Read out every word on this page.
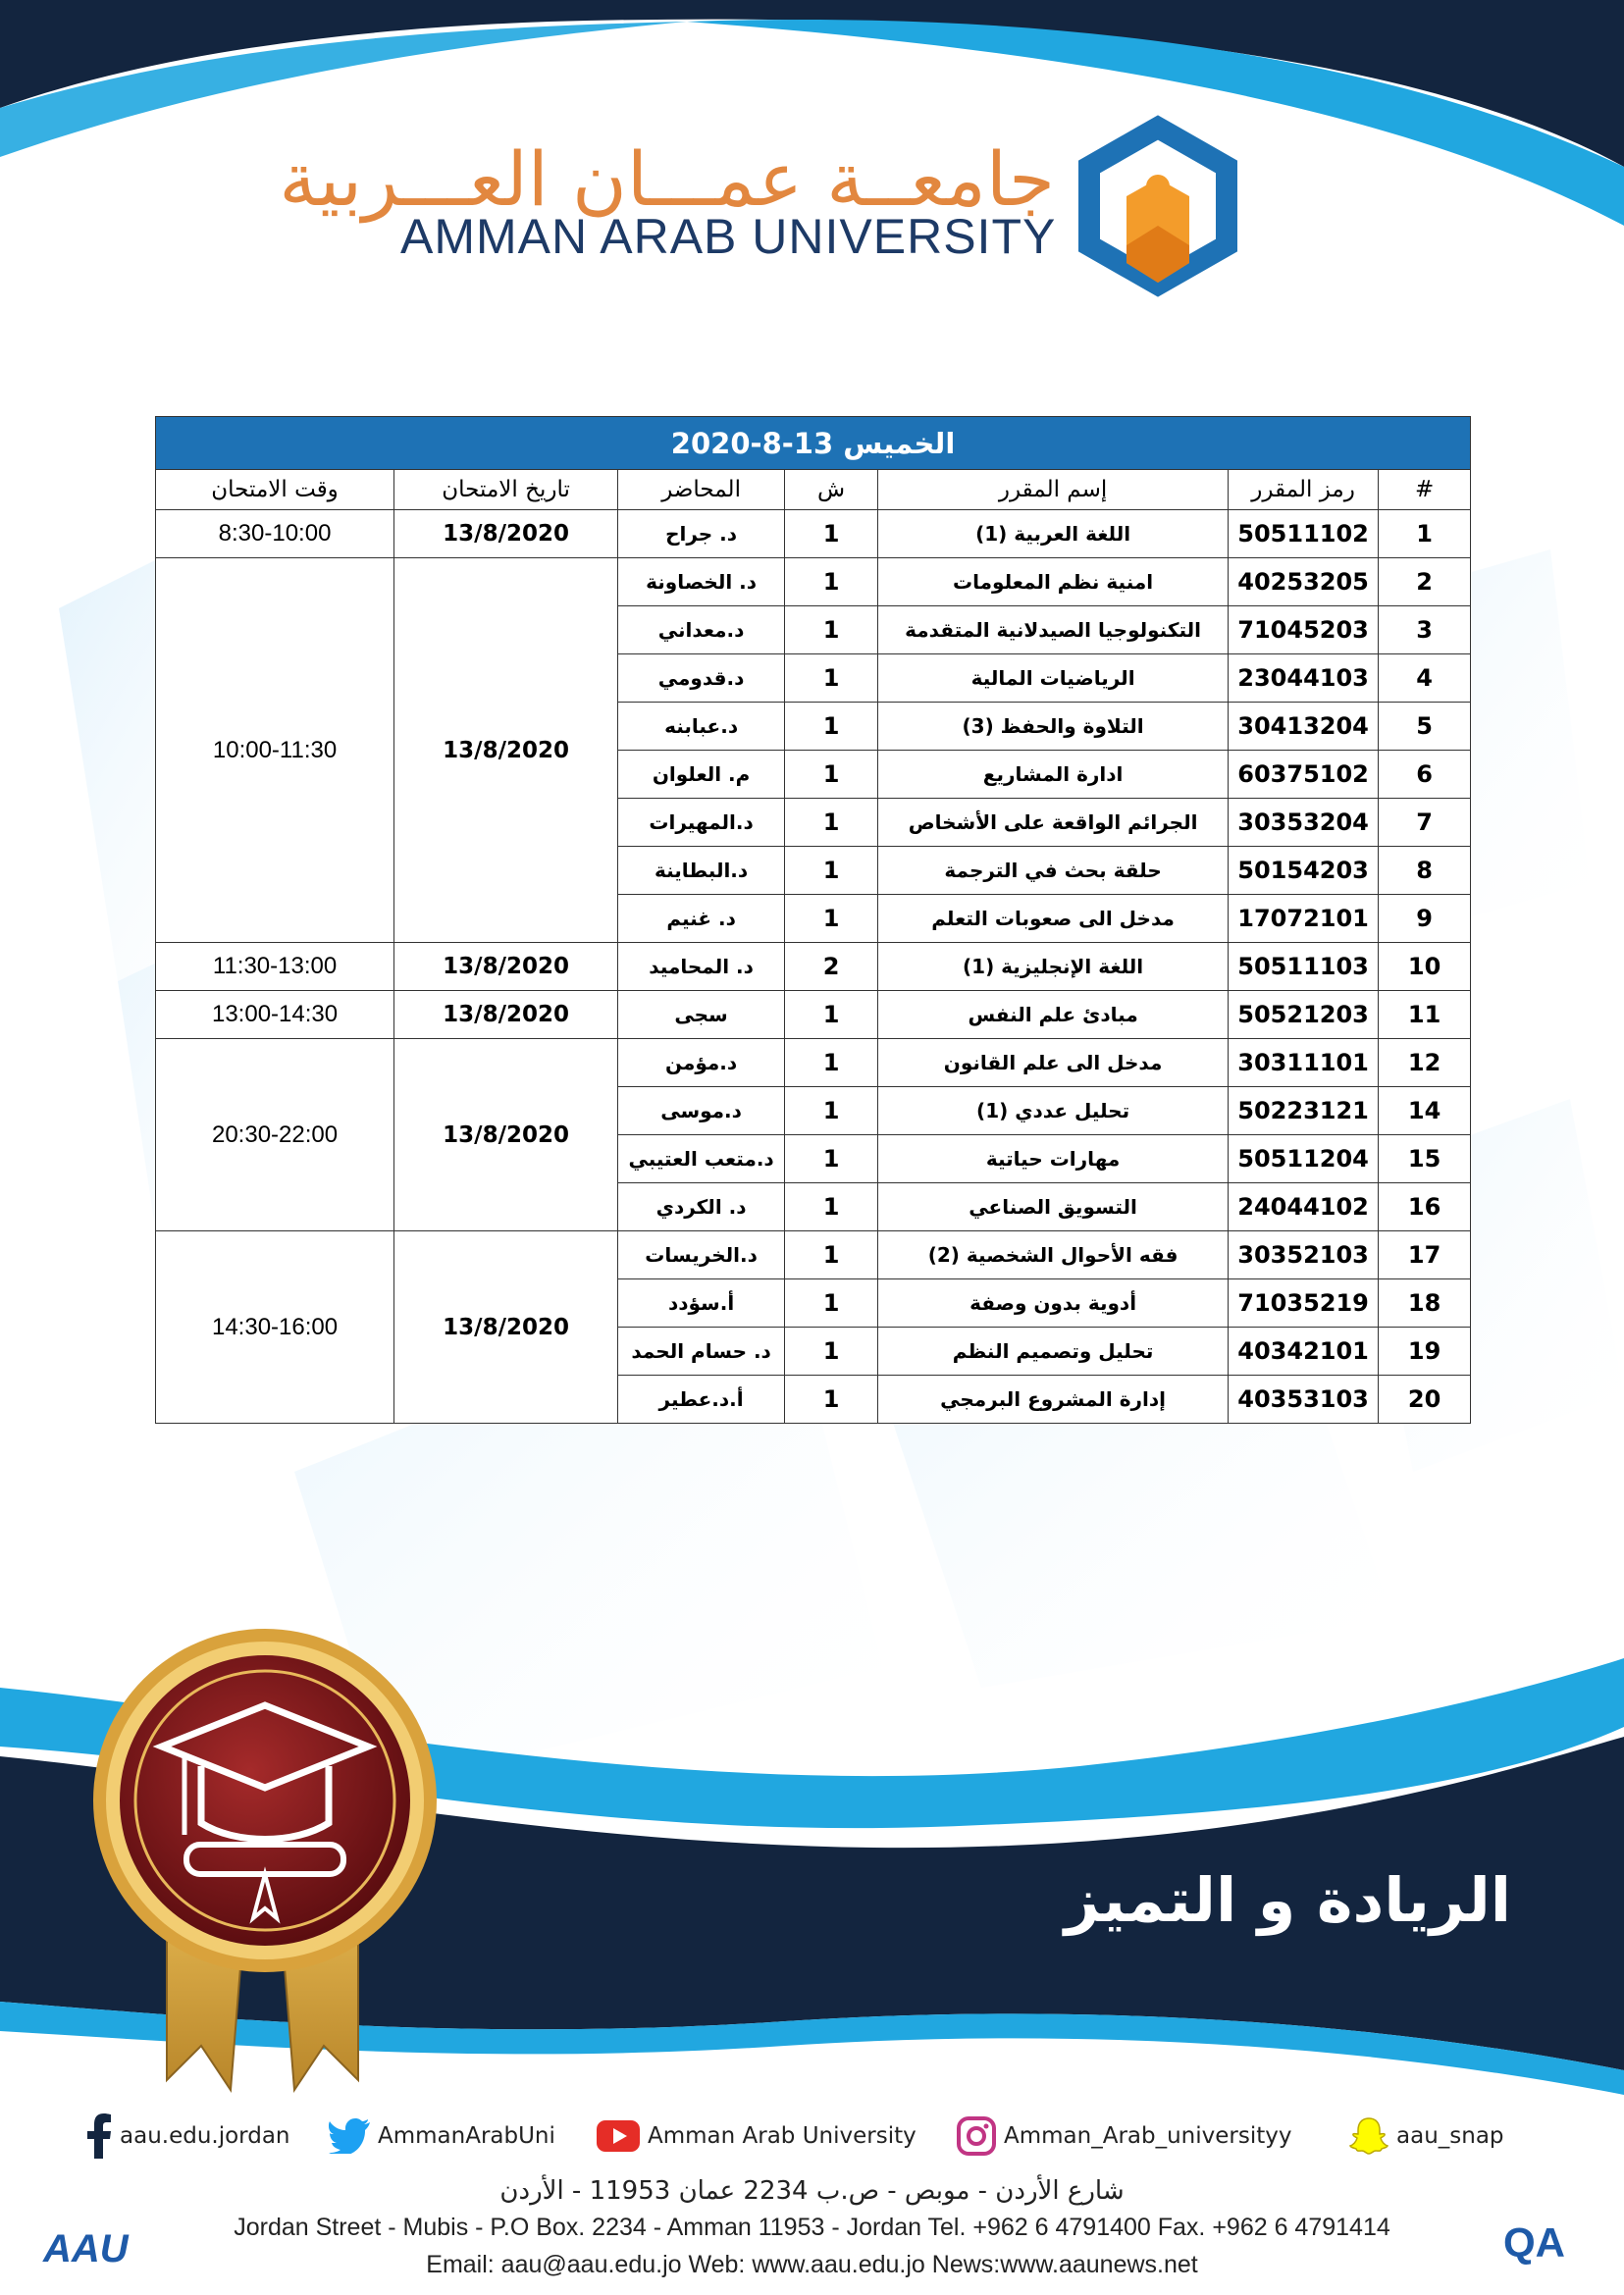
جامعــة عمـــان العـــربية
AMMAN ARAB UNIVERSITY
الخميس 13-8-2020						
#	رمز المقرر	إسم المقرر	ش	المحاضر	تاريخ الامتحان	وقت الامتحان
1	50511102	اللغة العربية (1)	1	د. جراح	13/8/2020	8:30-10:00
2	40253205	امنية نظم المعلومات	1	د. الخصاونة	13/8/2020	10:00-11:30
3	71045203	التكنولوجيا الصيدلانية المتقدمة	1	د.معداني		
4	23044103	الرياضيات المالية	1	د.قدومي		
5	30413204	التلاوة والحفظ (3)	1	د.عبابنه		
6	60375102	ادارة المشاريع	1	م. العلوان		
7	30353204	الجرائم الواقعة على الأشخاص	1	د.المهيرات		
8	50154203	حلقة بحث في الترجمة	1	د.البطاينة		
9	17072101	مدخل الى صعوبات التعلم	1	د. غنيم		
10	50511103	اللغة الإنجليزية (1)	2	د. المحاميد	13/8/2020	11:30-13:00
11	50521203	مبادئ علم النفس	1	سجى	13/8/2020	13:00-14:30
12	30311101	مدخل الى علم القانون	1	د.مؤمن	13/8/2020	20:30-22:00
14	50223121	تحليل عددي (1)	1	د.موسى		
15	50511204	مهارات حياتية	1	د.متعب العتيبي		
16	24044102	التسويق الصناعي	1	د. الكردي		
17	30352103	فقه الأحوال الشخصية (2)	1	د.الخريسات	13/8/2020	14:30-16:00
18	71035219	أدوية بدون وصفة	1	أ.سؤدد		
19	40342101	تحليل وتصميم النظم	1	د. حسام الحمد		
20	40353103	إدارة المشروع البرمجي	1	أ.د.عطير		
الريادة و التميز
aau.edu.jordan	AmmanArabUni	Amman Arab University	Amman_Arab_universityy	aau_snap
شارع الأردن - موبص - ص.ب 2234 عمان 11953 - الأردن
Jordan Street - Mubis - P.O Box. 2234 - Amman 11953 - Jordan Tel. +962 6 4791400 Fax. +962 6 4791414
Email: aau@aau.edu.jo Web: www.aau.edu.jo News:www.aaunews.net
AAU	QA
